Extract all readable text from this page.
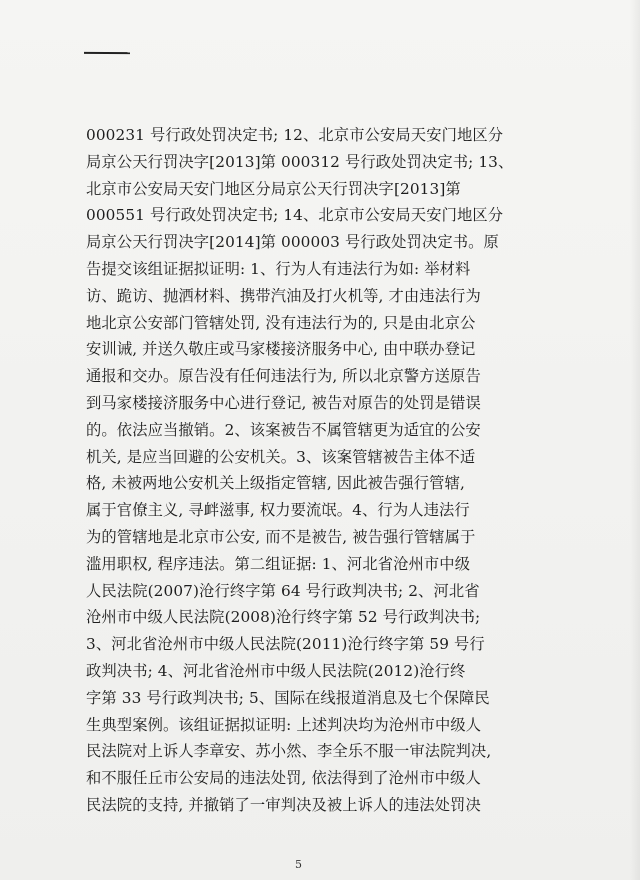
000231 号行政处罚决定书; 12、北京市公安局天安门地区分
局京公天行罚决字[2013]第 000312 号行政处罚决定书; 13、
北京市公安局天安门地区分局京公天行罚决字[2013]第
000551 号行政处罚决定书; 14、北京市公安局天安门地区分
局京公天行罚决字[2014]第 000003 号行政处罚决定书。原
告提交该组证据拟证明: 1、行为人有违法行为如: 举材料
访、跪访、抛洒材料、携带汽油及打火机等, 才由违法行为
地北京公安部门管辖处罚, 没有违法行为的, 只是由北京公
安训诫, 并送久敬庄或马家楼接济服务中心, 由中联办登记
通报和交办。原告没有任何违法行为, 所以北京警方送原告
到马家楼接济服务中心进行登记, 被告对原告的处罚是错误
的。依法应当撤销。2、该案被告不属管辖更为适宜的公安
机关, 是应当回避的公安机关。3、该案管辖被告主体不适
格, 未被两地公安机关上级指定管辖, 因此被告强行管辖,
属于官僚主义, 寻衅滋事, 权力要流氓。4、行为人违法行
为的管辖地是北京市公安, 而不是被告, 被告强行管辖属于
滥用职权, 程序违法。第二组证据: 1、河北省沧州市中级
人民法院(2007)沧行终字第 64 号行政判决书; 2、河北省
沧州市中级人民法院(2008)沧行终字第 52 号行政判决书;
3、河北省沧州市中级人民法院(2011)沧行终字第 59 号行
政判决书; 4、河北省沧州市中级人民法院(2012)沧行终
字第 33 号行政判决书; 5、国际在线报道消息及七个保障民
生典型案例。该组证据拟证明: 上述判决均为沧州市中级人
民法院对上诉人李章安、苏小然、李全乐不服一审法院判决,
和不服任丘市公安局的违法处罚, 依法得到了沧州市中级人
民法院的支持, 并撤销了一审判决及被上诉人的违法处罚决
5
